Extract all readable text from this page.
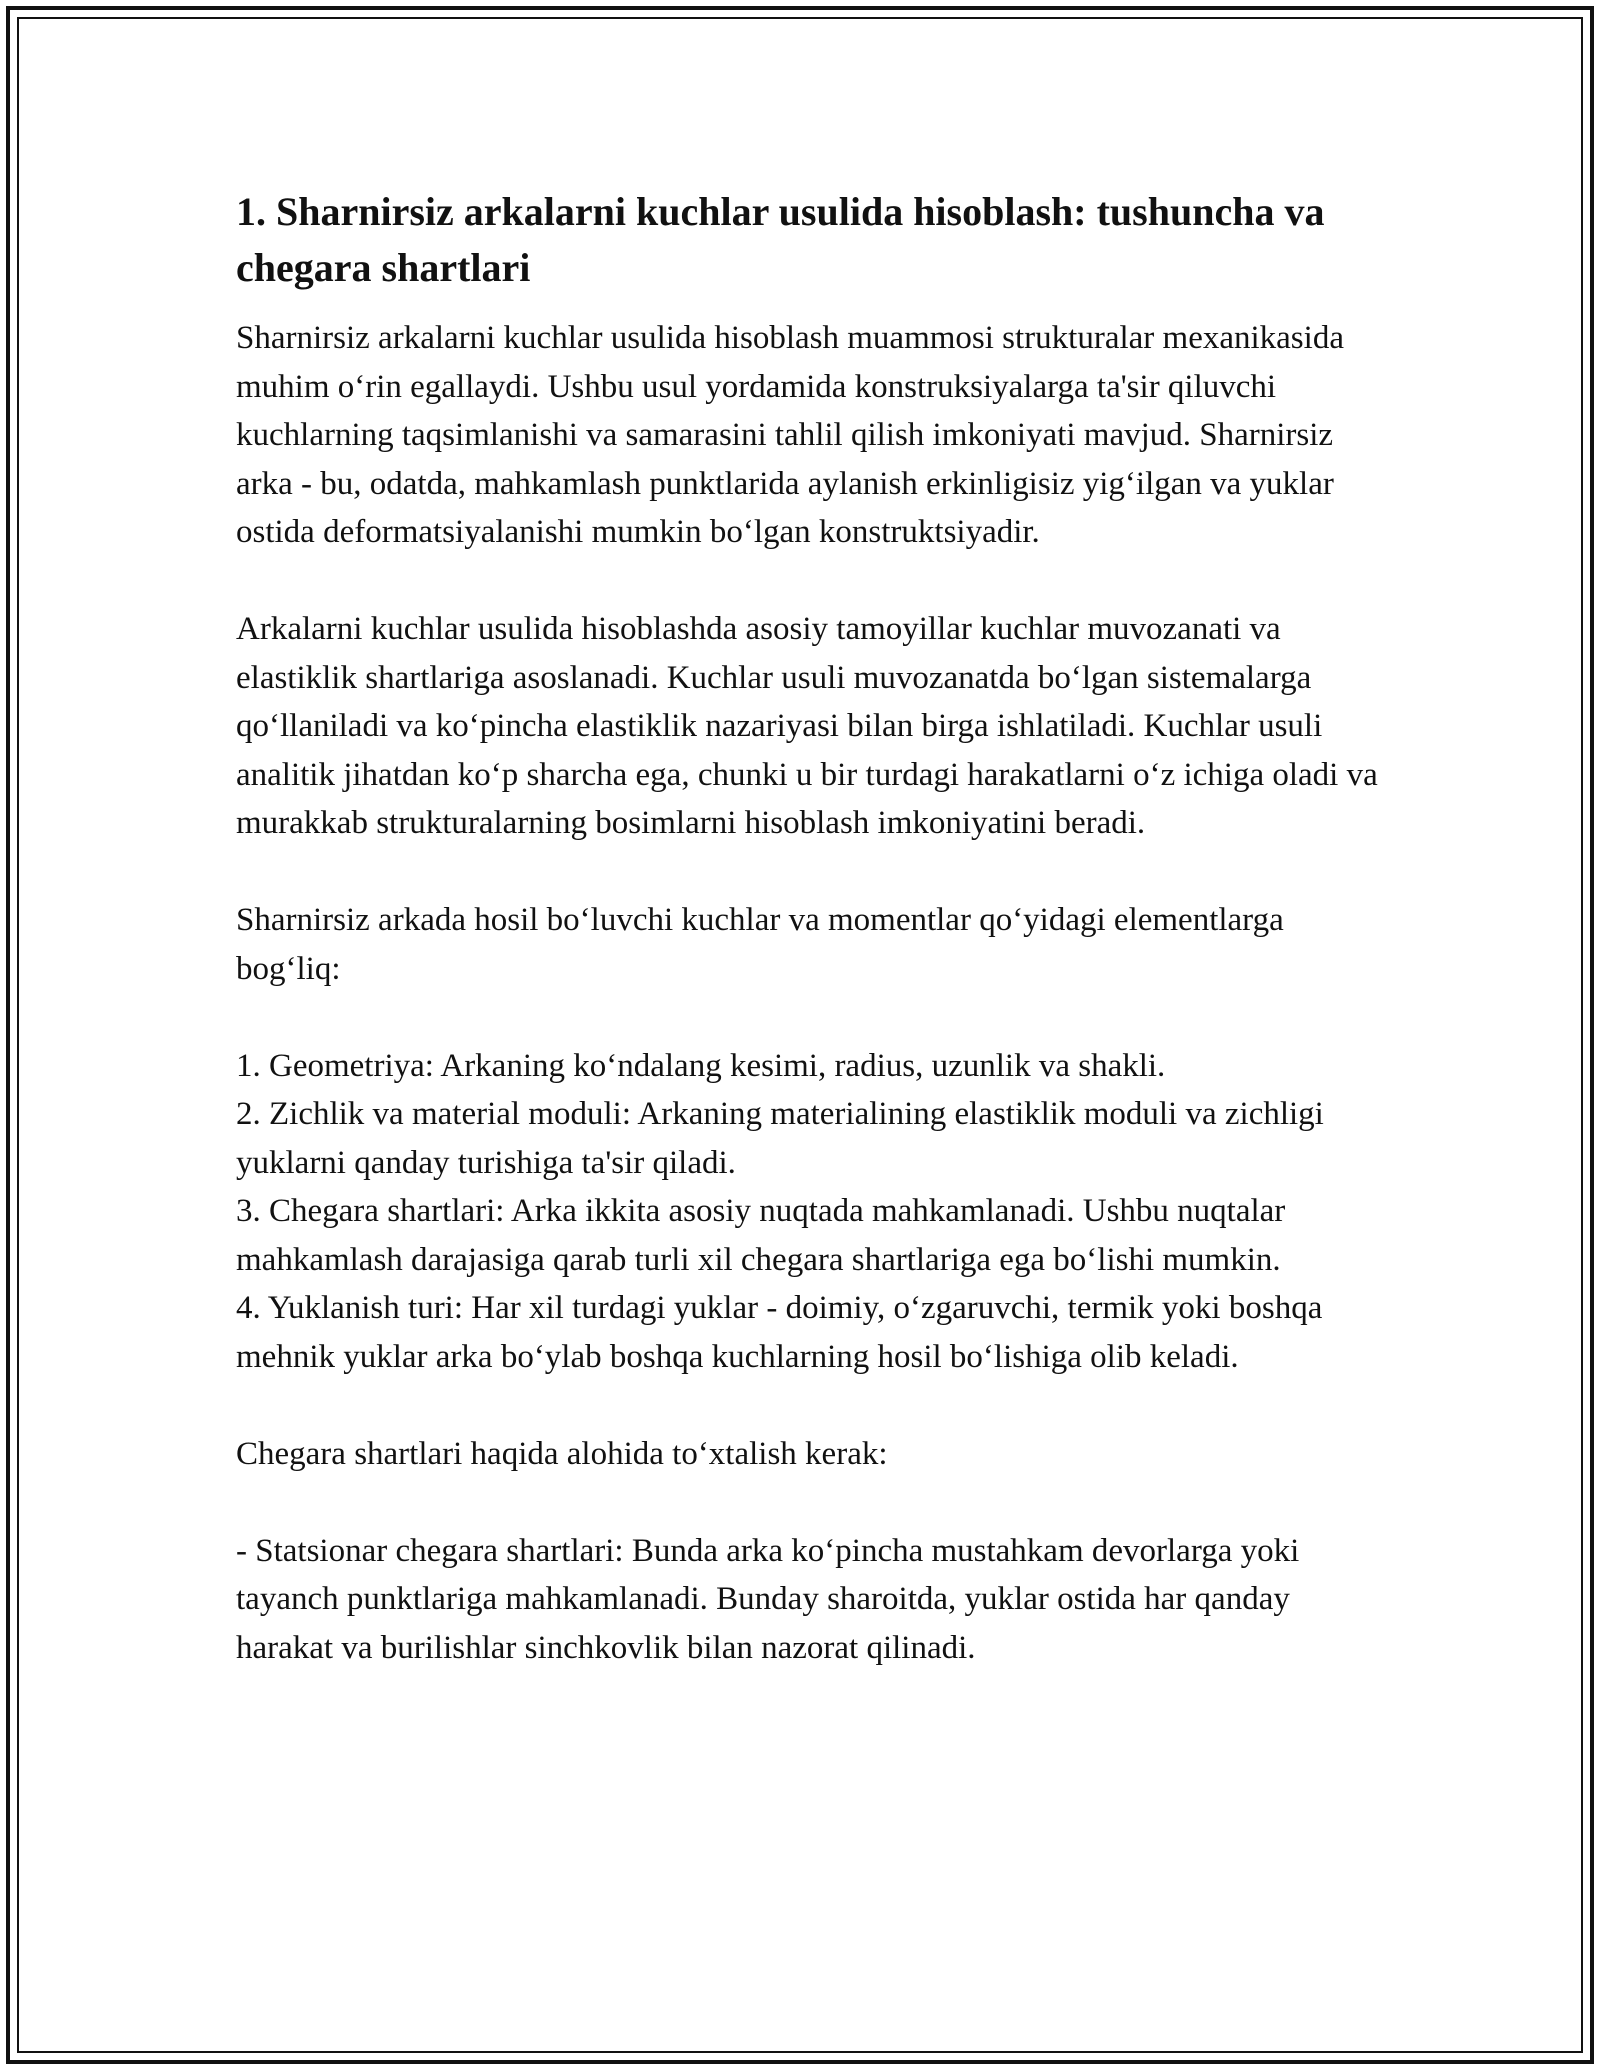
1. Sharnirsiz arkalarni kuchlar usulida hisoblash: tushuncha va chegara shartlari

Sharnirsiz arkalarni kuchlar usulida hisoblash muammosi strukturalar mexanikasida muhim o‘rin egallaydi. Ushbu usul yordamida konstruksiyalarga ta'sir qiluvchi kuchlarning taqsimlanishi va samarasini tahlil qilish imkoniyati mavjud. Sharnirsiz arka - bu, odatda, mahkamlash punktlarida aylanish erkinligisiz yig‘ilgan va yuklar ostida deformatsiyalanishi mumkin bo‘lgan konstruktsiyadir.

Arkalarni kuchlar usulida hisoblashda asosiy tamoyillar kuchlar muvozanati va elastiklik shartlariga asoslanadi. Kuchlar usuli muvozanatda bo‘lgan sistemalarga qo‘llaniladi va ko‘pincha elastiklik nazariyasi bilan birga ishlatiladi. Kuchlar usuli analitik jihatdan ko‘p sharcha ega, chunki u bir turdagi harakatlarni o‘z ichiga oladi va murakkab strukturalarning bosimlarni hisoblash imkoniyatini beradi.

Sharnirsiz arkada hosil bo‘luvchi kuchlar va momentlar qo‘yidagi elementlarga bog‘liq:

1. Geometriya: Arkaning ko‘ndalang kesimi, radius, uzunlik va shakli.

2. Zichlik va material moduli: Arkaning materialining elastiklik moduli va zichligi yuklarni qanday turishiga ta'sir qiladi.

3. Chegara shartlari: Arka ikkita asosiy nuqtada mahkamlanadi. Ushbu nuqtalar mahkamlash darajasiga qarab turli xil chegara shartlariga ega bo‘lishi mumkin.

4. Yuklanish turi: Har xil turdagi yuklar - doimiy, o‘zgaruvchi, termik yoki boshqa mehnik yuklar arka bo‘ylab boshqa kuchlarning hosil bo‘lishiga olib keladi.

Chegara shartlari haqida alohida to‘xtalish kerak:

- Statsionar chegara shartlari: Bunda arka ko‘pincha mustahkam devorlarga yoki tayanch punktlariga mahkamlanadi. Bunday sharoitda, yuklar ostida har qanday harakat va burilishlar sinchkovlik bilan nazorat qilinadi.
